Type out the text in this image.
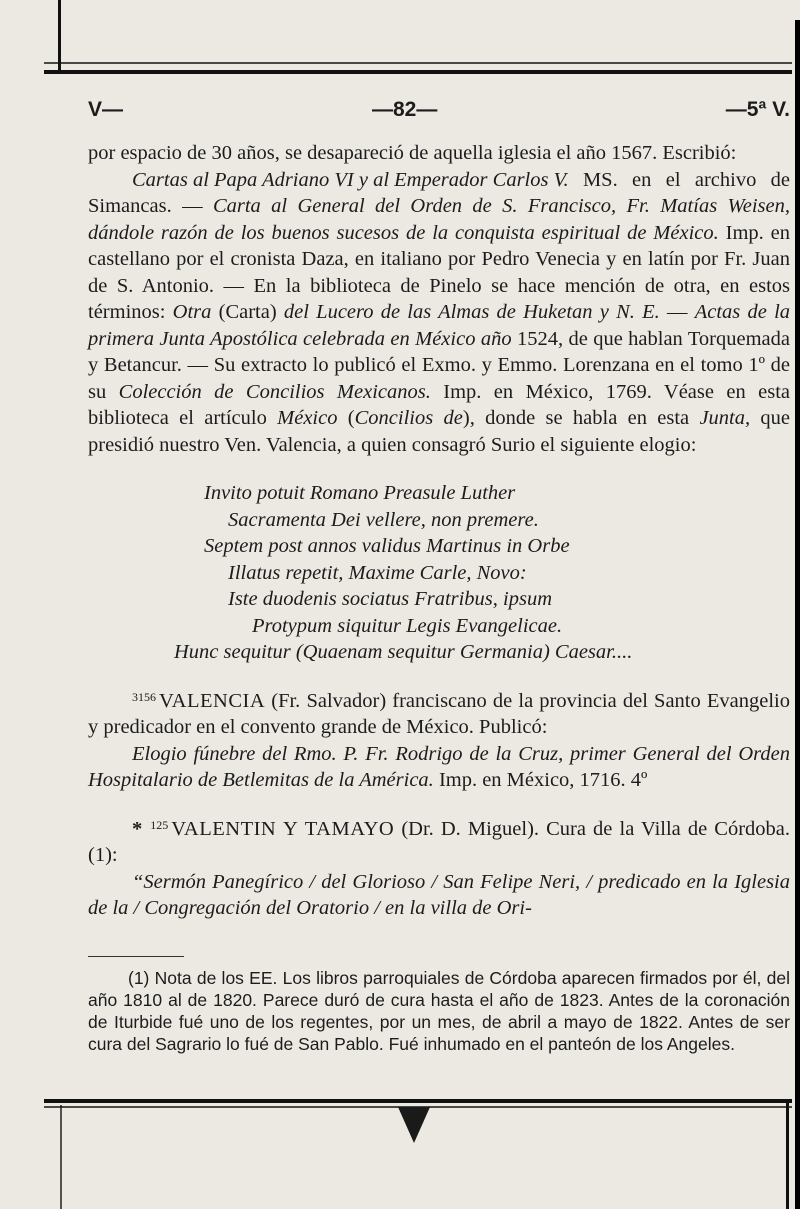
V—	—82—	—5ª V.

por espacio de 30 años, se desapareció de aquella iglesia el año 1567. Escribió:
Cartas al Papa Adriano VI y al Emperador Carlos V. MS. en el archivo de Simancas. — Carta al General del Orden de S. Francisco, Fr. Matías Weisen, dándole razón de los buenos sucesos de la conquista espiritual de México. Imp. en castellano por el cronista Daza, en italiano por Pedro Venecia y en latín por Fr. Juan de S. Antonio. — En la biblioteca de Pinelo se hace mención de otra, en estos términos: Otra (Carta) del Lucero de las Almas de Huketan y N. E. — Actas de la primera Junta Apostólica celebrada en México año 1524, de que hablan Torquemada y Betancur. — Su extracto lo publicó el Exmo. y Emmo. Lorenzana en el tomo 1º de su Colección de Concilios Mexicanos. Imp. en México, 1769. Véase en esta biblioteca el artículo México (Concilios de), donde se habla en esta Junta, que presidió nuestro Ven. Valencia, a quien consagró Surio el siguiente elogio:

Invito potuit Romano Preasule Luther
Sacramenta Dei vellere, non premere.
Septem post annos validus Martinus in Orbe
Illatus repetit, Maxime Carle, Novo:
Iste duodenis sociatus Fratribus, ipsum
Protypum siquitur Legis Evangelicae.
Hunc sequitur (Quaenam sequitur Germania) Caesar....

$^{3156}$ VALENCIA (Fr. Salvador) franciscano de la provincia del Santo Evangelio y predicador en el convento grande de México. Publicó:
Elogio fúnebre del Rmo. P. Fr. Rodrigo de la Cruz, primer General del Orden Hospitalario de Betlemitas de la América. Imp. en México, 1716. 4º

* $^{125}$ VALENTIN Y TAMAYO (Dr. D. Miguel). Cura de la Villa de Córdoba. (1):
“Sermón Panegírico / del Glorioso / San Felipe Neri, / predicado en la Iglesia de la / Congregación del Oratorio / en la villa de Ori-

(1) Nota de los EE. Los libros parroquiales de Córdoba aparecen firmados por él, del año 1810 al de 1820. Parece duró de cura hasta el año de 1823. Antes de la coronación de Iturbide fué uno de los regentes, por un mes, de abril a mayo de 1822. Antes de ser cura del Sagrario lo fué de San Pablo. Fué inhumado en el panteón de los Angeles.
